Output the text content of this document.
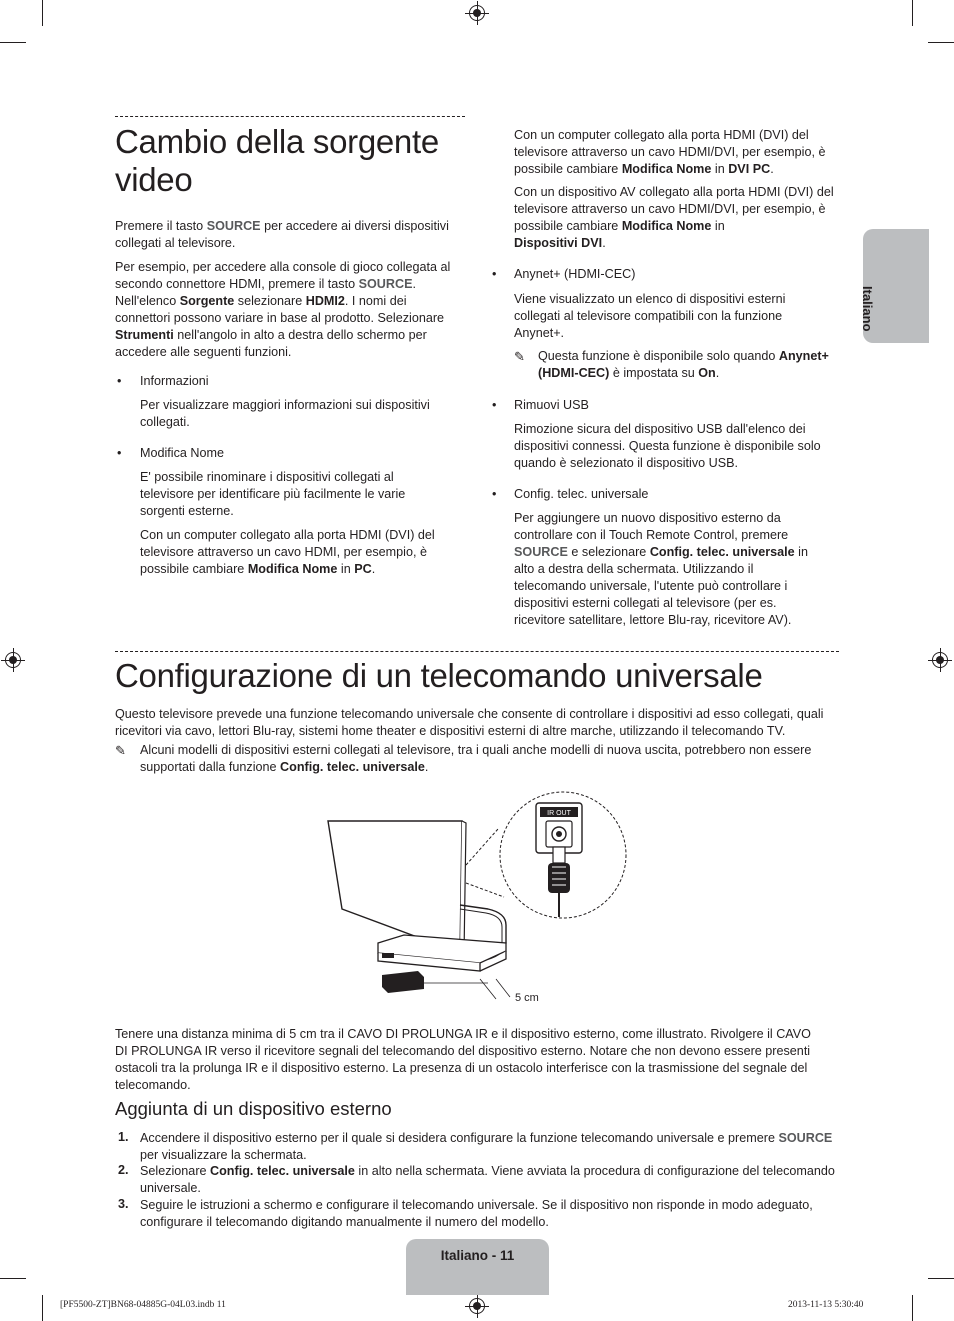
Italiano
Cambio della sorgente
video
Premere il tasto SOURCE per accedere ai diversi dispositivi collegati al televisore.
Per esempio, per accedere alla console di gioco collegata al secondo connettore HDMI, premere il tasto SOURCE. Nell'elenco Sorgente selezionare HDMI2. I nomi dei connettori possono variare in base al prodotto. Selezionare Strumenti nell'angolo in alto a destra dello schermo per accedere alle seguenti funzioni.
• Informazioni
Per visualizzare maggiori informazioni sui dispositivi collegati.
• Modifica Nome
E' possibile rinominare i dispositivi collegati al televisore per identificare più facilmente le varie sorgenti esterne.
Con un computer collegato alla porta HDMI (DVI) del televisore attraverso un cavo HDMI, per esempio, è possibile cambiare Modifica Nome in PC.
Con un computer collegato alla porta HDMI (DVI) del televisore attraverso un cavo HDMI/DVI, per esempio, è possibile cambiare Modifica Nome in DVI PC.
Con un dispositivo AV collegato alla porta HDMI (DVI) del televisore attraverso un cavo HDMI/DVI, per esempio, è possibile cambiare Modifica Nome in
Dispositivi DVI.
• Anynet+ (HDMI-CEC)
Viene visualizzato un elenco di dispositivi esterni collegati al televisore compatibili con la funzione Anynet+.
✎ Questa funzione è disponibile solo quando Anynet+ (HDMI-CEC) è impostata su On.
• Rimuovi USB
Rimozione sicura del dispositivo USB dall'elenco dei dispositivi connessi. Questa funzione è disponibile solo quando è selezionato il dispositivo USB.
• Config. telec. universale
Per aggiungere un nuovo dispositivo esterno da controllare con il Touch Remote Control, premere SOURCE e selezionare Config. telec. universale in alto a destra della schermata. Utilizzando il telecomando universale, l'utente può controllare i dispositivi esterni collegati al televisore (per es. ricevitore satellitare, lettore Blu-ray, ricevitore AV).
Configurazione di un telecomando universale
Questo televisore prevede una funzione telecomando universale che consente di controllare i dispositivi ad esso collegati, quali ricevitori via cavo, lettori Blu-ray, sistemi home theater e dispositivi esterni di altre marche, utilizzando il telecomando TV.
✎ Alcuni modelli di dispositivi esterni collegati al televisore, tra i quali anche modelli di nuova uscita, potrebbero non essere supportati dalla funzione Config. telec. universale.
IR OUT
5 cm
Tenere una distanza minima di 5 cm tra il CAVO DI PROLUNGA IR e il dispositivo esterno, come illustrato. Rivolgere il CAVO DI PROLUNGA IR verso il ricevitore segnali del telecomando del dispositivo esterno. Notare che non devono essere presenti ostacoli tra la prolunga IR e il dispositivo esterno. La presenza di un ostacolo interferisce con la trasmissione del segnale del telecomando.
Aggiunta di un dispositivo esterno
1. Accendere il dispositivo esterno per il quale si desidera configurare la funzione telecomando universale e premere SOURCE per visualizzare la schermata.
2. Selezionare Config. telec. universale in alto nella schermata. Viene avviata la procedura di configurazione del telecomando universale.
3. Seguire le istruzioni a schermo e configurare il telecomando universale. Se il dispositivo non risponde in modo adeguato, configurare il telecomando digitando manualmente il numero del modello.
Italiano - 11
[PF5500-ZT]BN68-04885G-04L03.indb 11	2013-11-13 5:30:40
